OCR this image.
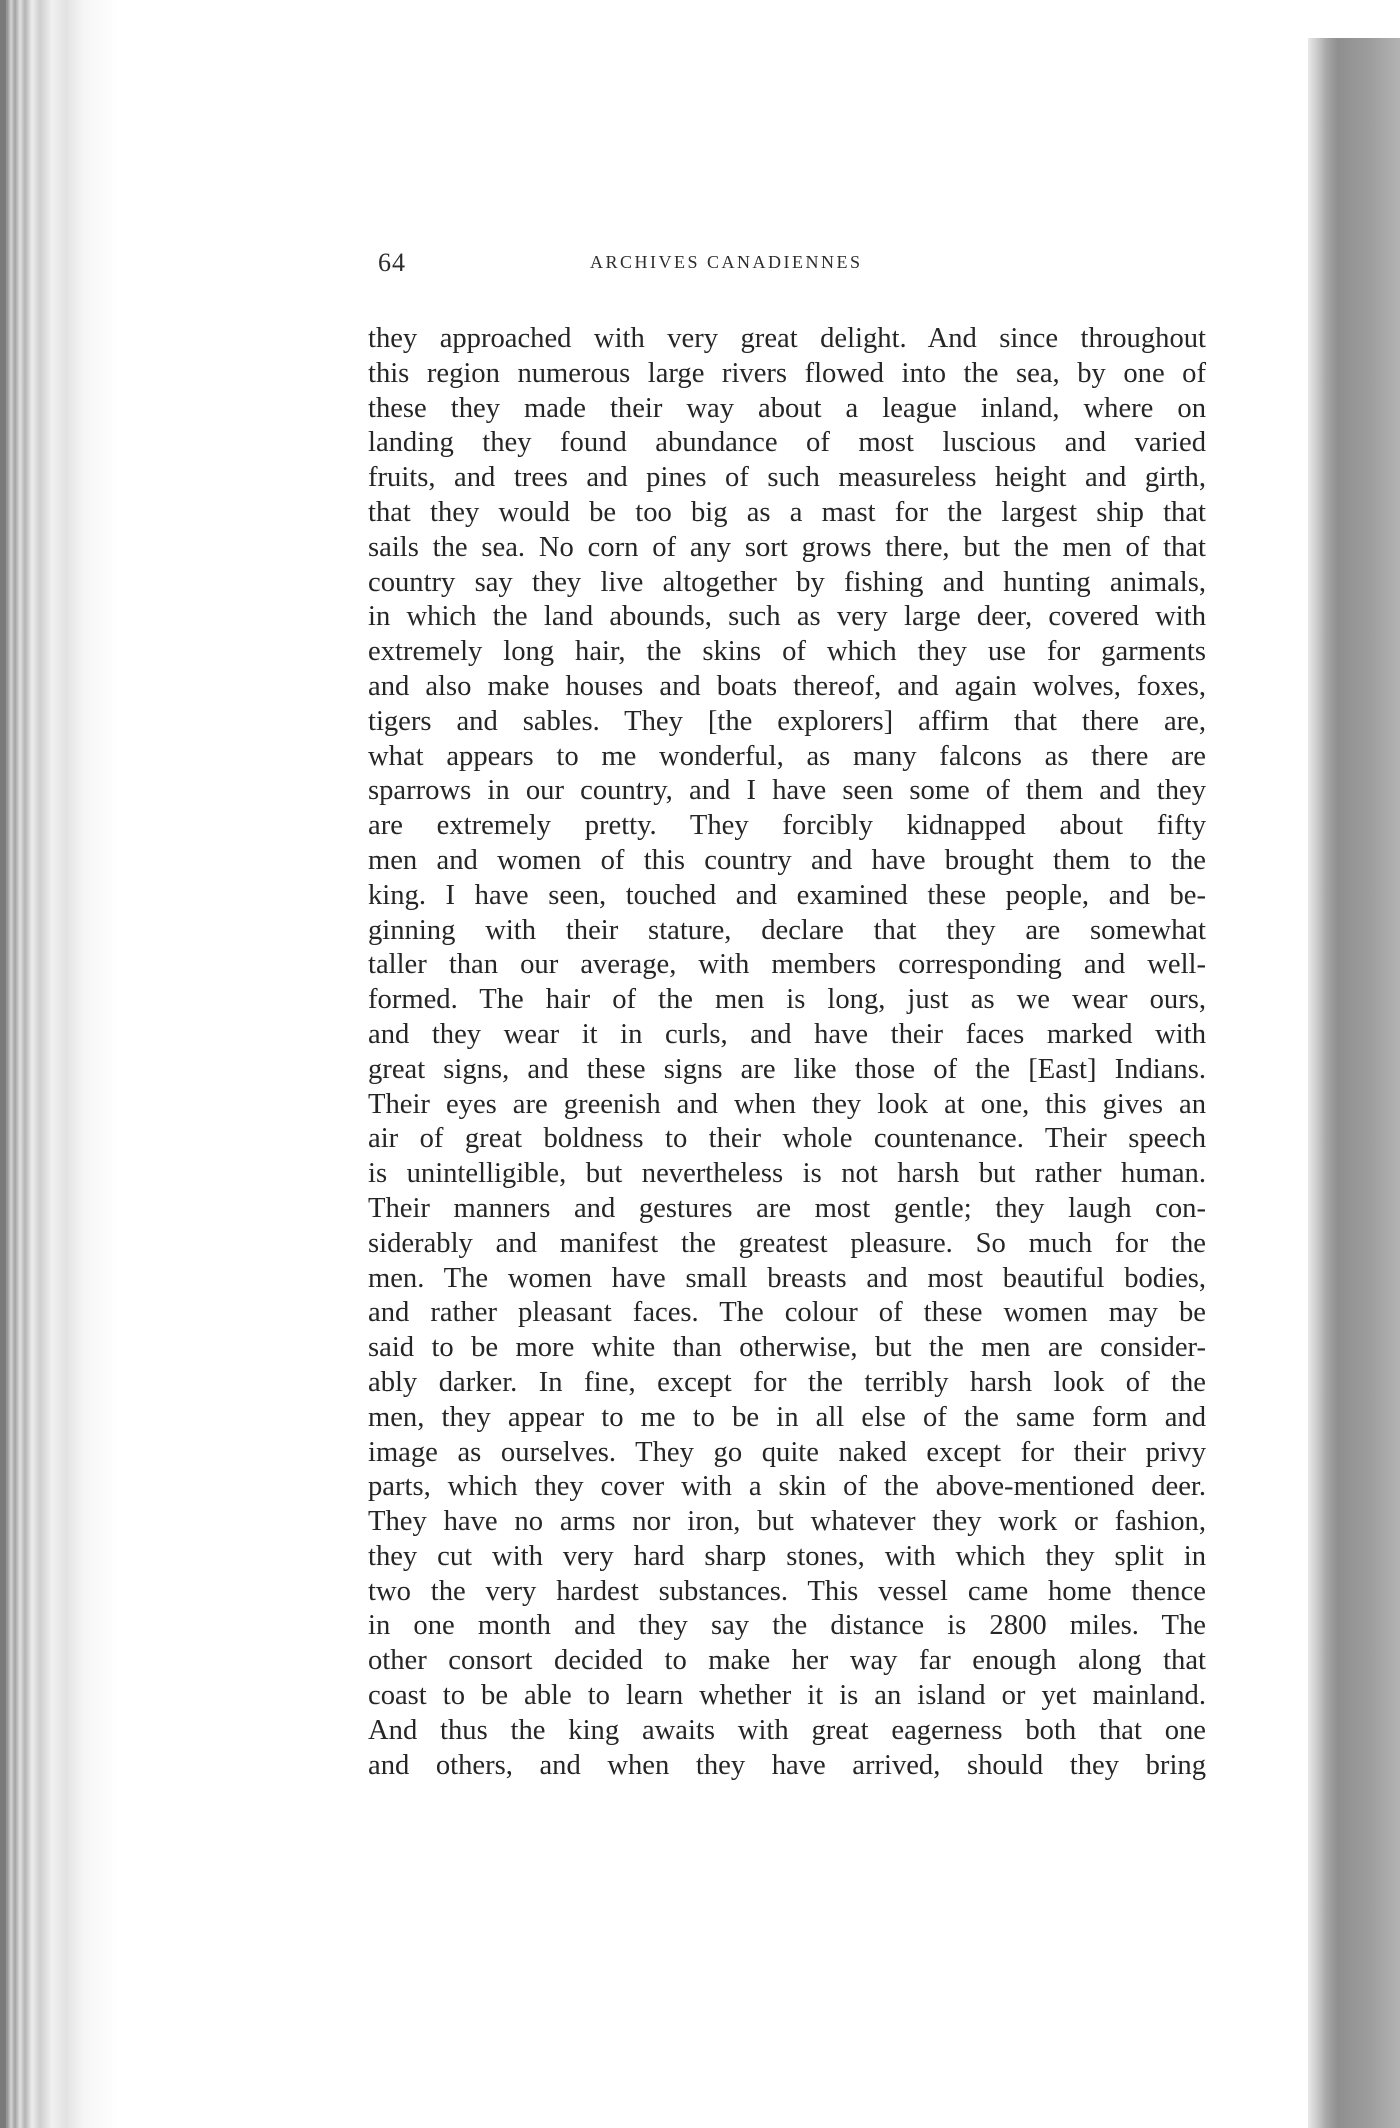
64	ARCHIVES CANADIENNES
they approached with very great delight. And since throughout
this region numerous large rivers flowed into the sea, by one of
these they made their way about a league inland, where on
landing they found abundance of most luscious and varied
fruits, and trees and pines of such measureless height and girth,
that they would be too big as a mast for the largest ship that
sails the sea. No corn of any sort grows there, but the men of that
country say they live altogether by fishing and hunting animals,
in which the land abounds, such as very large deer, covered with
extremely long hair, the skins of which they use for garments
and also make houses and boats thereof, and again wolves, foxes,
tigers and sables. They [the explorers] affirm that there are,
what appears to me wonderful, as many falcons as there are
sparrows in our country, and I have seen some of them and they
are extremely pretty. They forcibly kidnapped about fifty
men and women of this country and have brought them to the
king. I have seen, touched and examined these people, and be-
ginning with their stature, declare that they are somewhat
taller than our average, with members corresponding and well-
formed. The hair of the men is long, just as we wear ours,
and they wear it in curls, and have their faces marked with
great signs, and these signs are like those of the [East] Indians.
Their eyes are greenish and when they look at one, this gives an
air of great boldness to their whole countenance. Their speech
is unintelligible, but nevertheless is not harsh but rather human.
Their manners and gestures are most gentle; they laugh con-
siderably and manifest the greatest pleasure. So much for the
men. The women have small breasts and most beautiful bodies,
and rather pleasant faces. The colour of these women may be
said to be more white than otherwise, but the men are consider-
ably darker. In fine, except for the terribly harsh look of the
men, they appear to me to be in all else of the same form and
image as ourselves. They go quite naked except for their privy
parts, which they cover with a skin of the above-mentioned deer.
They have no arms nor iron, but whatever they work or fashion,
they cut with very hard sharp stones, with which they split in
two the very hardest substances. This vessel came home thence
in one month and they say the distance is 2800 miles. The
other consort decided to make her way far enough along that
coast to be able to learn whether it is an island or yet mainland.
And thus the king awaits with great eagerness both that one
and others, and when they have arrived, should they bring
